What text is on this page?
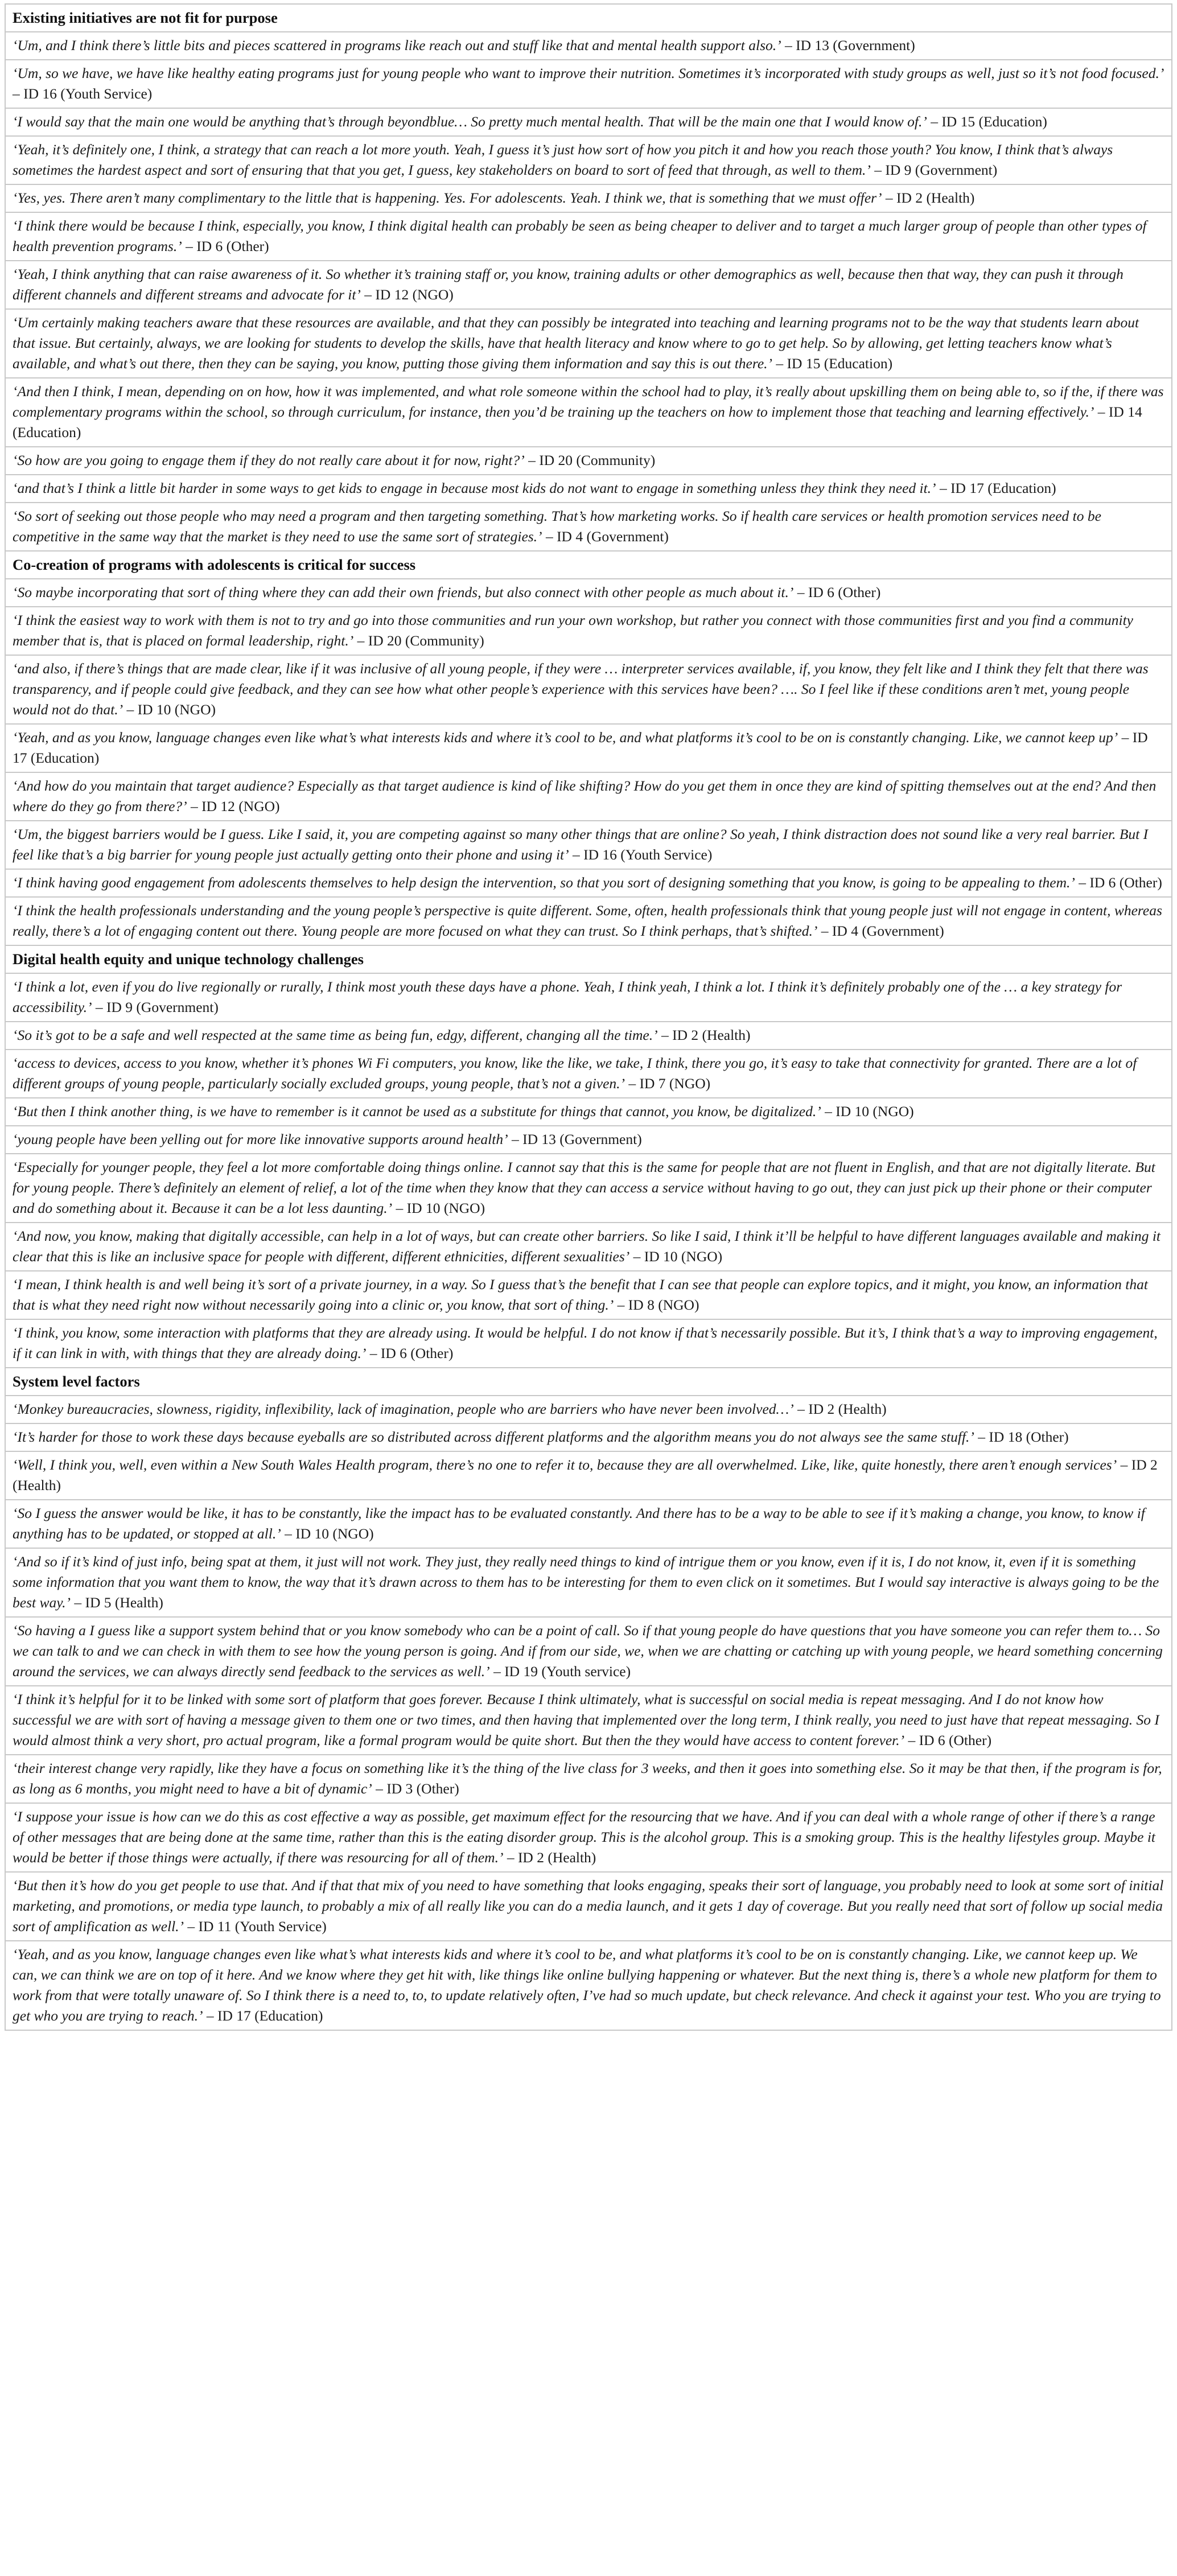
Existing initiatives are not fit for purpose
‘Um, and I think there’s little bits and pieces scattered in programs like reach out and stuff like that and mental health support also.’ – ID 13 (Government)
‘Um, so we have, we have like healthy eating programs just for young people who want to improve their nutrition. Sometimes it’s incorporated with study groups as well, just so it’s not food focused.’ – ID 16 (Youth Service)
‘I would say that the main one would be anything that’s through beyondblue… So pretty much mental health. That will be the main one that I would know of.’ – ID 15 (Education)
‘Yeah, it’s definitely one, I think, a strategy that can reach a lot more youth. Yeah, I guess it’s just how sort of how you pitch it and how you reach those youth? You know, I think that’s always sometimes the hardest aspect and sort of ensuring that that you get, I guess, key stakeholders on board to sort of feed that through, as well to them.’ – ID 9 (Government)
‘Yes, yes. There aren’t many complimentary to the little that is happening. Yes. For adolescents. Yeah. I think we, that is something that we must offer’ – ID 2 (Health)
‘I think there would be because I think, especially, you know, I think digital health can probably be seen as being cheaper to deliver and to target a much larger group of people than other types of health prevention programs.’ – ID 6 (Other)
‘Yeah, I think anything that can raise awareness of it. So whether it’s training staff or, you know, training adults or other demographics as well, because then that way, they can push it through different channels and different streams and advocate for it’ – ID 12 (NGO)
‘Um certainly making teachers aware that these resources are available, and that they can possibly be integrated into teaching and learning programs not to be the way that students learn about that issue. But certainly, always, we are looking for students to develop the skills, have that health literacy and know where to go to get help. So by allowing, get letting teachers know what’s available, and what’s out there, then they can be saying, you know, putting those giving them information and say this is out there.’ – ID 15 (Education)
‘And then I think, I mean, depending on on how, how it was implemented, and what role someone within the school had to play, it’s really about upskilling them on being able to, so if the, if there was complementary programs within the school, so through curriculum, for instance, then you’d be training up the teachers on how to implement those that teaching and learning effectively.’ – ID 14 (Education)
‘So how are you going to engage them if they do not really care about it for now, right?’ – ID 20 (Community)
‘and that’s I think a little bit harder in some ways to get kids to engage in because most kids do not want to engage in something unless they think they need it.’ – ID 17 (Education)
‘So sort of seeking out those people who may need a program and then targeting something. That’s how marketing works. So if health care services or health promotion services need to be competitive in the same way that the market is they need to use the same sort of strategies.’ – ID 4 (Government)
Co-creation of programs with adolescents is critical for success
‘So maybe incorporating that sort of thing where they can add their own friends, but also connect with other people as much about it.’ – ID 6 (Other)
‘I think the easiest way to work with them is not to try and go into those communities and run your own workshop, but rather you connect with those communities first and you find a community member that is, that is placed on formal leadership, right.’ – ID 20 (Community)
‘and also, if there’s things that are made clear, like if it was inclusive of all young people, if they were … interpreter services available, if, you know, they felt like and I think they felt that there was transparency, and if people could give feedback, and they can see how what other people’s experience with this services have been? …. So I feel like if these conditions aren’t met, young people would not do that.’ – ID 10 (NGO)
‘Yeah, and as you know, language changes even like what’s what interests kids and where it’s cool to be, and what platforms it’s cool to be on is constantly changing. Like, we cannot keep up’ – ID 17 (Education)
‘And how do you maintain that target audience? Especially as that target audience is kind of like shifting? How do you get them in once they are kind of spitting themselves out at the end? And then where do they go from there?’ – ID 12 (NGO)
‘Um, the biggest barriers would be I guess. Like I said, it, you are competing against so many other things that are online? So yeah, I think distraction does not sound like a very real barrier. But I feel like that’s a big barrier for young people just actually getting onto their phone and using it’ – ID 16 (Youth Service)
‘I think having good engagement from adolescents themselves to help design the intervention, so that you sort of designing something that you know, is going to be appealing to them.’ – ID 6 (Other)
‘I think the health professionals understanding and the young people’s perspective is quite different. Some, often, health professionals think that young people just will not engage in content, whereas really, there’s a lot of engaging content out there. Young people are more focused on what they can trust. So I think perhaps, that’s shifted.’ – ID 4 (Government)
Digital health equity and unique technology challenges
‘I think a lot, even if you do live regionally or rurally, I think most youth these days have a phone. Yeah, I think yeah, I think a lot. I think it’s definitely probably one of the … a key strategy for accessibility.’ – ID 9 (Government)
‘So it’s got to be a safe and well respected at the same time as being fun, edgy, different, changing all the time.’ – ID 2 (Health)
‘access to devices, access to you know, whether it’s phones Wi Fi computers, you know, like the like, we take, I think, there you go, it’s easy to take that connectivity for granted. There are a lot of different groups of young people, particularly socially excluded groups, young people, that’s not a given.’ – ID 7 (NGO)
‘But then I think another thing, is we have to remember is it cannot be used as a substitute for things that cannot, you know, be digitalized.’ – ID 10 (NGO)
‘young people have been yelling out for more like innovative supports around health’ – ID 13 (Government)
‘Especially for younger people, they feel a lot more comfortable doing things online. I cannot say that this is the same for people that are not fluent in English, and that are not digitally literate. But for young people. There’s definitely an element of relief, a lot of the time when they know that they can access a service without having to go out, they can just pick up their phone or their computer and do something about it. Because it can be a lot less daunting.’ – ID 10 (NGO)
‘And now, you know, making that digitally accessible, can help in a lot of ways, but can create other barriers. So like I said, I think it’ll be helpful to have different languages available and making it clear that this is like an inclusive space for people with different, different ethnicities, different sexualities’ – ID 10 (NGO)
‘I mean, I think health is and well being it’s sort of a private journey, in a way. So I guess that’s the benefit that I can see that people can explore topics, and it might, you know, an information that that is what they need right now without necessarily going into a clinic or, you know, that sort of thing.’ – ID 8 (NGO)
‘I think, you know, some interaction with platforms that they are already using. It would be helpful. I do not know if that’s necessarily possible. But it’s, I think that’s a way to improving engagement, if it can link in with, with things that they are already doing.’ – ID 6 (Other)
System level factors
‘Monkey bureaucracies, slowness, rigidity, inflexibility, lack of imagination, people who are barriers who have never been involved…’ – ID 2 (Health)
‘It’s harder for those to work these days because eyeballs are so distributed across different platforms and the algorithm means you do not always see the same stuff.’ – ID 18 (Other)
‘Well, I think you, well, even within a New South Wales Health program, there’s no one to refer it to, because they are all overwhelmed. Like, like, quite honestly, there aren’t enough services’ – ID 2 (Health)
‘So I guess the answer would be like, it has to be constantly, like the impact has to be evaluated constantly. And there has to be a way to be able to see if it’s making a change, you know, to know if anything has to be updated, or stopped at all.’ – ID 10 (NGO)
‘And so if it’s kind of just info, being spat at them, it just will not work. They just, they really need things to kind of intrigue them or you know, even if it is, I do not know, it, even if it is something some information that you want them to know, the way that it’s drawn across to them has to be interesting for them to even click on it sometimes. But I would say interactive is always going to be the best way.’ – ID 5 (Health)
‘So having a I guess like a support system behind that or you know somebody who can be a point of call. So if that young people do have questions that you have someone you can refer them to… So we can talk to and we can check in with them to see how the young person is going. And if from our side, we, when we are chatting or catching up with young people, we heard something concerning around the services, we can always directly send feedback to the services as well.’ – ID 19 (Youth service)
‘I think it’s helpful for it to be linked with some sort of platform that goes forever. Because I think ultimately, what is successful on social media is repeat messaging. And I do not know how successful we are with sort of having a message given to them one or two times, and then having that implemented over the long term, I think really, you need to just have that repeat messaging. So I would almost think a very short, pro actual program, like a formal program would be quite short. But then the they would have access to content forever.’ – ID 6 (Other)
‘their interest change very rapidly, like they have a focus on something like it’s the thing of the live class for 3 weeks, and then it goes into something else. So it may be that then, if the program is for, as long as 6 months, you might need to have a bit of dynamic’ – ID 3 (Other)
‘I suppose your issue is how can we do this as cost effective a way as possible, get maximum effect for the resourcing that we have. And if you can deal with a whole range of other if there’s a range of other messages that are being done at the same time, rather than this is the eating disorder group. This is the alcohol group. This is a smoking group. This is the healthy lifestyles group. Maybe it would be better if those things were actually, if there was resourcing for all of them.’ – ID 2 (Health)
‘But then it’s how do you get people to use that. And if that that mix of you need to have something that looks engaging, speaks their sort of language, you probably need to look at some sort of initial marketing, and promotions, or media type launch, to probably a mix of all really like you can do a media launch, and it gets 1 day of coverage. But you really need that sort of follow up social media sort of amplification as well.’ – ID 11 (Youth Service)
‘Yeah, and as you know, language changes even like what’s what interests kids and where it’s cool to be, and what platforms it’s cool to be on is constantly changing. Like, we cannot keep up. We can, we can think we are on top of it here. And we know where they get hit with, like things like online bullying happening or whatever. But the next thing is, there’s a whole new platform for them to work from that were totally unaware of. So I think there is a need to, to, to update relatively often, I’ve had so much update, but check relevance. And check it against your test. Who you are trying to get who you are trying to reach.’ – ID 17 (Education)
